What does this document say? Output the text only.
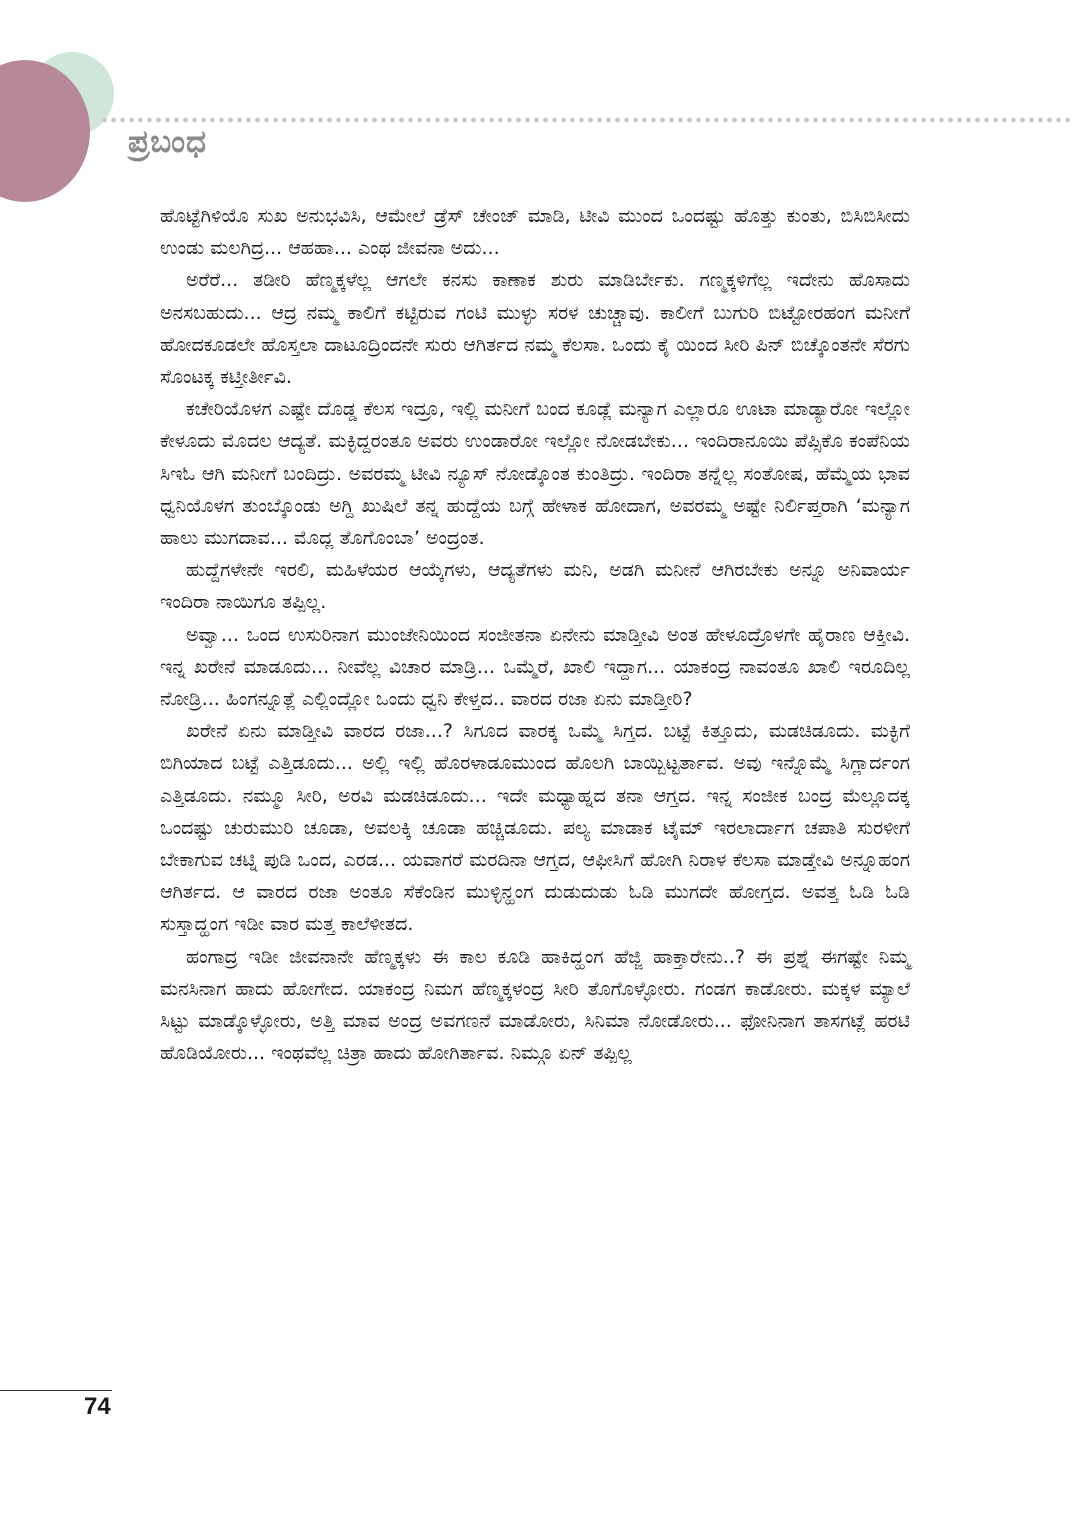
ಪ್ರಬಂಧ

ಹೊಟ್ಟೆಗಿಳಿಯೊ ಸುಖ ಅನುಭವಿಸಿ, ಆಮೇಲೆ ಡ್ರೆಸ್ ಚೇಂಜ್ ಮಾಡಿ, ಟೀವಿ ಮುಂದ ಒಂದಷ್ಟು ಹೊತ್ತು ಕುಂತು, ಬಿಸಿಬಿಸೀದು ಉಂಡು ಮಲಗಿದ್ರ... ಆಹಹಾ... ಎಂಥ ಜೀವನಾ ಅದು...

ಅರೆರೆ... ತಡೀರಿ ಹೆಣ್ಮಕ್ಕಳೆಲ್ಲ ಆಗಲೇ ಕನಸು ಕಾಣಾಕ ಶುರು ಮಾಡಿರ್ಬೇಕು. ಗಣ್ಮಕ್ಕಳಿಗೆಲ್ಲ ಇದೇನು ಹೊಸಾದು ಅನಸಬಹುದು... ಆದ್ರ ನಮ್ಮ ಕಾಲಿಗೆ ಕಟ್ಟಿರುವ ಗಂಟಿ ಮುಳ್ಳು ಸರಳ ಚುಚ್ಚಾವು. ಕಾಲೀಗೆ ಬುಗುರಿ ಬಿಟ್ಟೋರಹಂಗ ಮನೀಗೆ ಹೋದಕೂಡಲೇ ಹೊಸ್ತಲಾ ದಾಟೂದ್ರಿಂದನೇ ಸುರು ಆಗಿರ್ತದ ನಮ್ಮ ಕೆಲಸಾ. ಒಂದು ಕೈ ಯಿಂದ ಸೀರಿ ಪಿನ್ ಬಿಚ್ಕೊಂತನೇ ಸೆರಗು ಸೊಂಟಕ್ಕ ಕಟ್ತೀರ್ತೀವಿ.

ಕಚೇರಿಯೊಳಗ ಎಷ್ಟೇ ದೊಡ್ಡ ಕೆಲಸ ಇದ್ರೂ, ಇಲ್ಲಿ ಮನೀಗೆ ಬಂದ ಕೂಡ್ಲೆ ಮನ್ಯಾಗ ಎಲ್ಲಾರೂ ಊಟಾ ಮಾಡ್ಯಾರೋ ಇಲ್ಲೋ ಕೇಳೂದು ಮೊದಲ ಆದ್ಯತೆ. ಮಕ್ಳಿದ್ದರಂತೂ ಅವರು ಉಂಡಾರೋ ಇಲ್ಲೋ ನೋಡಬೇಕು... ಇಂದಿರಾನೂಯಿ ಪೆಪ್ಸಿಕೊ ಕಂಪೆನಿಯ ಸಿಇಓ ಆಗಿ ಮನೀಗೆ ಬಂದಿದ್ರು. ಅವರಮ್ಮ ಟೀವಿ ನ್ಯೂಸ್ ನೋಡ್ಕೊಂತ ಕುಂತಿದ್ರು. ಇಂದಿರಾ ತನ್ನೆಲ್ಲ ಸಂತೋಷ, ಹೆಮ್ಮೆಯ ಭಾವ ಧ್ವನಿಯೊಳಗ ತುಂಬ್ಕೊಂಡು ಅಗ್ದಿ ಖುಷಿಲೆ ತನ್ನ ಹುದ್ದೆಯ ಬಗ್ಗೆ ಹೇಳಾಕ ಹೋದಾಗ, ಅವರಮ್ಮ ಅಷ್ಟೇ ನಿರ್ಲಿಪ್ತರಾಗಿ ‘ಮನ್ಯಾಗ ಹಾಲು ಮುಗದಾವ... ಮೊದ್ಲ ತೊಗೊಂಬಾ’ ಅಂದ್ರಂತ.

ಹುದ್ದೆಗಳೇನೇ ಇರಲಿ, ಮಹಿಳೆಯರ ಆಯ್ಕೆಗಳು, ಆದ್ಯತೆಗಳು ಮನಿ, ಅಡಗಿ ಮನೀನೆ ಆಗಿರಬೇಕು ಅನ್ನೂ ಅನಿವಾರ್ಯ ಇಂದಿರಾ ನಾಯಿಗೂ ತಪ್ಪಿಲ್ಲ.

ಅವ್ವಾ... ಒಂದ ಉಸುರಿನಾಗ ಮುಂಜೇನಿಯಿಂದ ಸಂಜೀತನಾ ಏನೇನು ಮಾಡ್ತೀವಿ ಅಂತ ಹೇಳೂದ್ರೊಳಗೇ ಹೈರಾಣ ಆಕ್ತೀವಿ. ಇನ್ನ ಖರೇನೆ ಮಾಡೂದು... ನೀವೆಲ್ಲ ವಿಚಾರ ಮಾಡ್ರಿ... ಒಮ್ಮೆರೆ, ಖಾಲಿ ಇದ್ದಾಗ... ಯಾಕಂದ್ರ ನಾವಂತೂ ಖಾಲಿ ಇರೂದಿಲ್ಲ ನೋಡ್ರಿ... ಹಿಂಗನ್ನೂತ್ಲೆ ಎಲ್ಲಿಂದ್ಲೋ ಒಂದು ಧ್ವನಿ ಕೇಳ್ತದ.. ವಾರದ ರಜಾ ಏನು ಮಾಡ್ತೀರಿ?

ಖರೇನೆ ಏನು ಮಾಡ್ತೀವಿ ವಾರದ ರಜಾ...? ಸಿಗೂದ ವಾರಕ್ಕ ಒಮ್ಮೆ ಸಿಗ್ತದ. ಬಟ್ಟೆ ಕಿತ್ತೂದು, ಮಡಚಿಡೂದು. ಮಕ್ಳಿಗೆ ಬಿಗಿಯಾದ ಬಟ್ಟೆ ಎತ್ತಿಡೂದು... ಅಲ್ಲಿ ಇಲ್ಲಿ ಹೊರಳಾಡೂಮುಂದ ಹೊಲಗಿ ಬಾಯ್ಬಿಟ್ಟರ್ತಾವ. ಅವು ಇನ್ನೊಮ್ಮೆ ಸಿಗ್ಲಾರ್ದಂಗ ಎತ್ತಿಡೂದು. ನಮ್ಮೂ ಸೀರಿ, ಅರವಿ ಮಡಚಿಡೂದು... ಇದೇ ಮಧ್ಯಾಹ್ನದ ತನಾ ಆಗ್ತದ. ಇನ್ನ ಸಂಜೀಕ ಬಂದ್ರ ಮೆಲ್ಲೂದಕ್ಕ ಒಂದಷ್ಟು ಚುರುಮುರಿ ಚೂಡಾ, ಅವಲಕ್ಕಿ ಚೂಡಾ ಹಚ್ಚಿಡೂದು. ಪಲ್ಯ ಮಾಡಾಕ ಟೈಮ್ ಇರಲಾರ್ದಾಗ ಚಪಾತಿ ಸುರಳೀಗೆ ಬೇಕಾಗುವ ಚಟ್ನಿ ಪುಡಿ ಒಂದ, ಎರಡ... ಯವಾಗರೆ ಮರದಿನಾ ಆಗ್ತದ, ಆಫೀಸಿಗೆ ಹೋಗಿ ನಿರಾಳ ಕೆಲಸಾ ಮಾಡ್ತೇವಿ ಅನ್ನೂಹಂಗ ಆಗಿರ್ತದ. ಆ ವಾರದ ರಜಾ ಅಂತೂ ಸೆಕೆಂಡಿನ ಮುಳ್ಳಿನ್ಹಂಗ ದುಡುದುಡು ಓಡಿ ಮುಗದೇ ಹೋಗ್ತದ. ಅವತ್ತ ಓಡಿ ಓಡಿ ಸುಸ್ತಾದ್ಹಂಗ ಇಡೀ ವಾರ ಮತ್ತ ಕಾಲೆಳೀತದ.

ಹಂಗಾದ್ರ ಇಡೀ ಜೀವನಾನೇ ಹೆಣ್ಮಕ್ಕಳು ಈ ಕಾಲ ಕೂಡಿ ಹಾಕಿದ್ಹಂಗ ಹೆಜ್ಜಿ ಹಾಕ್ತಾರೇನು..? ಈ ಪ್ರಶ್ನೆ ಈಗಷ್ಟೇ ನಿಮ್ಮ ಮನಸಿನಾಗ ಹಾದು ಹೋಗೇದ. ಯಾಕಂದ್ರ ನಿಮಗ ಹೆಣ್ಮಕ್ಕಳಂದ್ರ ಸೀರಿ ತೊಗೊಳ್ಳೋರು. ಗಂಡಗ ಕಾಡೋರು. ಮಕ್ಕಳ ಮ್ಯಾಲೆ ಸಿಟ್ಟು ಮಾಡ್ಕೊಳ್ಳೋರು, ಅತ್ತಿ ಮಾವ ಅಂದ್ರ ಅವಗಣನೆ ಮಾಡೋರು, ಸಿನಿಮಾ ನೋಡೋರು... ಫೋನಿನಾಗ ತಾಸಗಟ್ಲೆ ಹರಟಿ ಹೊಡಿಯೋರು... ಇಂಥವೆಲ್ಲ ಚಿತ್ರಾ ಹಾದು ಹೋಗಿರ್ತಾವ. ನಿಮ್ಗೂ ಏನ್ ತಪ್ಪಿಲ್ಲ

74
